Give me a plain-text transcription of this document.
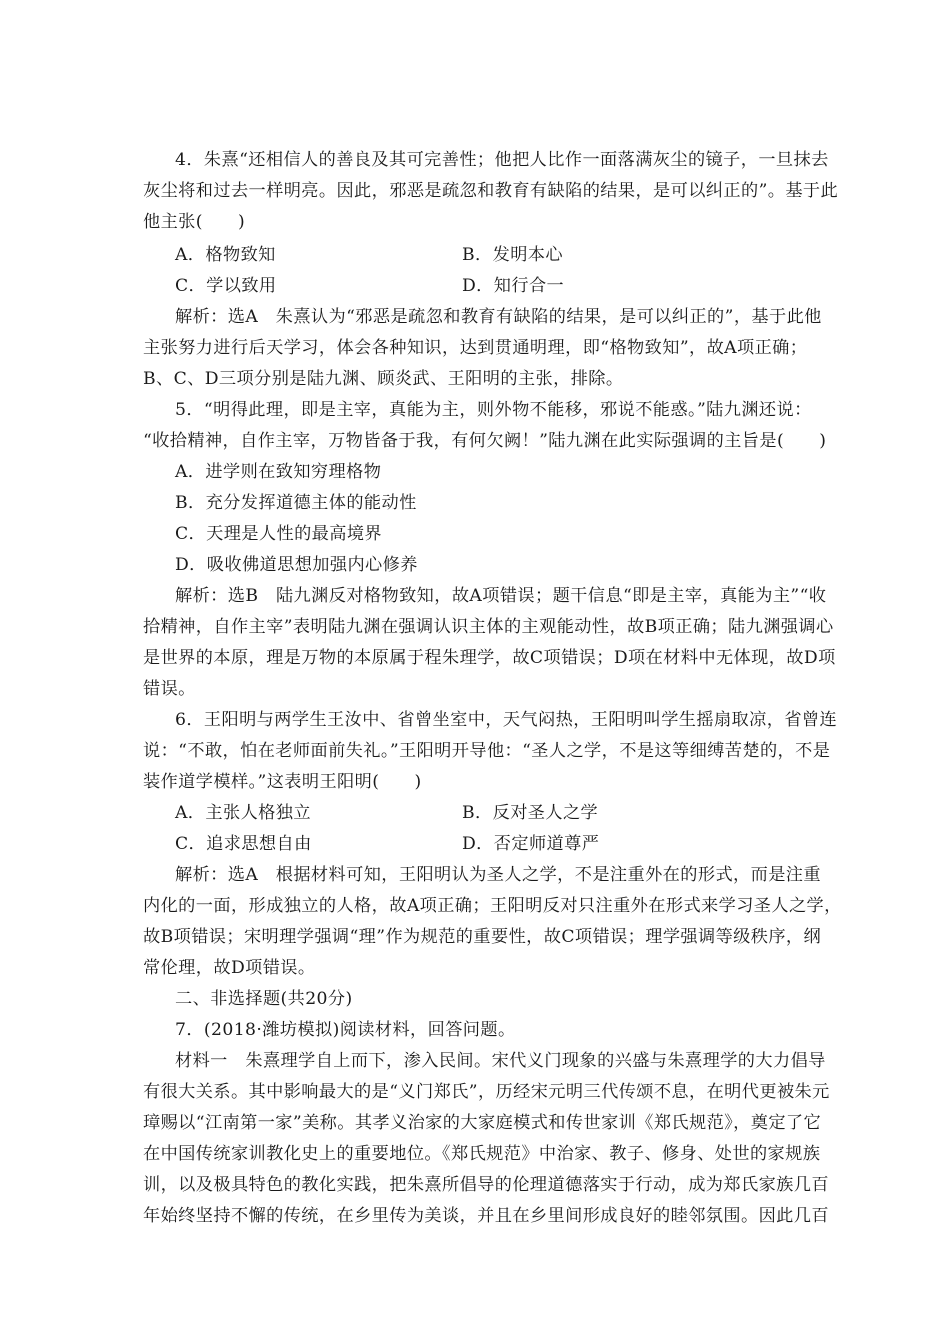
4．朱熹“还相信人的善良及其可完善性；他把人比作一面落满灰尘的镜子，一旦抹去
灰尘将和过去一样明亮。因此，邪恶是疏忽和教育有缺陷的结果，是可以纠正的”。基于此
他主张(　　)
A．格物致知	B．发明本心
C．学以致用	D．知行合一
解析：选A　朱熹认为“邪恶是疏忽和教育有缺陷的结果，是可以纠正的”，基于此他
主张努力进行后天学习，体会各种知识，达到贯通明理，即“格物致知”，故A项正确；
B、C、D三项分别是陆九渊、顾炎武、王阳明的主张，排除。
5．“明得此理，即是主宰，真能为主，则外物不能移，邪说不能惑。”陆九渊还说：
“收拾精神，自作主宰，万物皆备于我，有何欠阙！”陆九渊在此实际强调的主旨是(　　)
A．进学则在致知穷理格物
B．充分发挥道德主体的能动性
C．天理是人性的最高境界
D．吸收佛道思想加强内心修养
解析：选B　陆九渊反对格物致知，故A项错误；题干信息“即是主宰，真能为主”“收
拾精神，自作主宰”表明陆九渊在强调认识主体的主观能动性，故B项正确；陆九渊强调心
是世界的本原，理是万物的本原属于程朱理学，故C项错误；D项在材料中无体现，故D项
错误。
6．王阳明与两学生王汝中、省曾坐室中，天气闷热，王阳明叫学生摇扇取凉，省曾连
说：“不敢，怕在老师面前失礼。”王阳明开导他：“圣人之学，不是这等细缚苦楚的，不是
装作道学模样。”这表明王阳明(　　)
A．主张人格独立	B．反对圣人之学
C．追求思想自由	D．否定师道尊严
解析：选A　根据材料可知，王阳明认为圣人之学，不是注重外在的形式，而是注重
内化的一面，形成独立的人格，故A项正确；王阳明反对只注重外在形式来学习圣人之学，
故B项错误；宋明理学强调“理”作为规范的重要性，故C项错误；理学强调等级秩序，纲
常伦理，故D项错误。
二、非选择题(共20分)
7．(2018·潍坊模拟)阅读材料，回答问题。
材料一　朱熹理学自上而下，渗入民间。宋代义门现象的兴盛与朱熹理学的大力倡导
有很大关系。其中影响最大的是“义门郑氏”，历经宋元明三代传颂不息，在明代更被朱元
璋赐以“江南第一家”美称。其孝义治家的大家庭模式和传世家训《郑氏规范》，奠定了它
在中国传统家训教化史上的重要地位。《郑氏规范》中治家、教子、修身、处世的家规族
训，以及极具特色的教化实践，把朱熹所倡导的伦理道德落实于行动，成为郑氏家族几百
年始终坚持不懈的传统，在乡里传为美谈，并且在乡里间形成良好的睦邻氛围。因此几百
